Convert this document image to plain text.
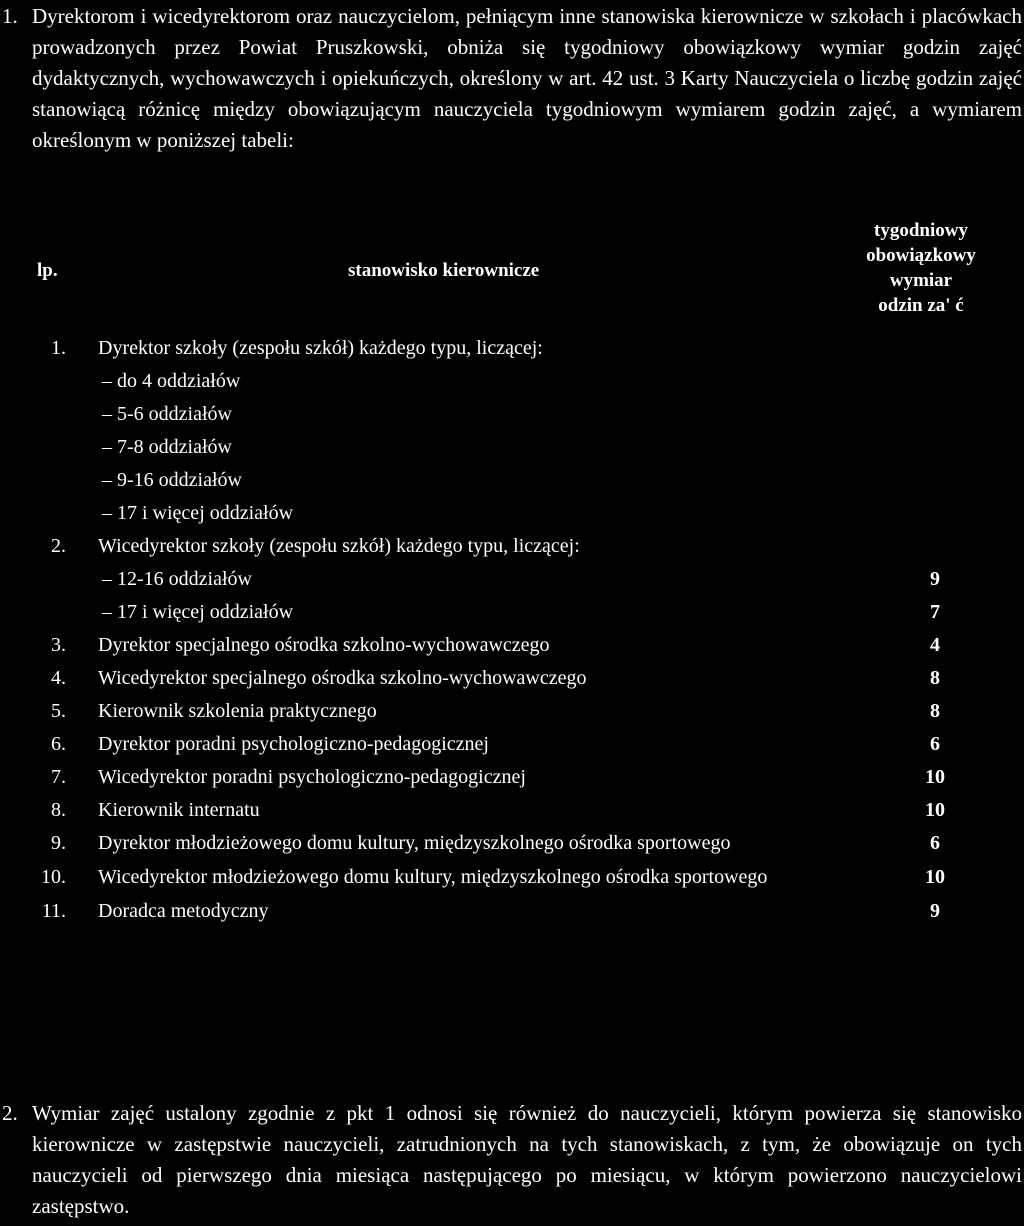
1. Dyrektorom i wicedyrektorom oraz nauczycielom, pełniącym inne stanowiska kierownicze w szkołach i placówkach prowadzonych przez Powiat Pruszkowski, obniża się tygodniowy obowiązkowy wymiar godzin zajęć dydaktycznych, wychowawczych i opiekuńczych, określony w art. 42 ust. 3 Karty Nauczyciela o liczbę godzin zajęć stanowiącą różnicę między obowiązującym nauczyciela tygodniowym wymiarem godzin zajęć, a wymiarem określonym w poniższej tabeli:
lp.	stanowisko kierownicze
tygodniowy
obowiązkowy
wymiar
odzin za' ć
1. Dyrektor szkoły (zespołu szkół) każdego typu, liczącej:
– do 4 oddziałów
– 5-6 oddziałów
– 7-8 oddziałów
– 9-16 oddziałów
– 17 i więcej oddziałów
2. Wicedyrektor szkoły (zespołu szkół) każdego typu, liczącej:
– 12-16 oddziałów	9
– 17 i więcej oddziałów	7
3. Dyrektor specjalnego ośrodka szkolno-wychowawczego	4
4. Wicedyrektor specjalnego ośrodka szkolno-wychowawczego	8
5. Kierownik szkolenia praktycznego	8
6. Dyrektor poradni psychologiczno-pedagogicznej	6
7. Wicedyrektor poradni psychologiczno-pedagogicznej	10
8. Kierownik internatu	10
9. Dyrektor młodzieżowego domu kultury, międzyszkolnego ośrodka sportowego	6
10. Wicedyrektor młodzieżowego domu kultury, międzyszkolnego ośrodka sportowego	10
11. Doradca metodyczny	9
2. Wymiar zajęć ustalony zgodnie z pkt 1 odnosi się również do nauczycieli, którym powierza się stanowisko kierownicze w zastępstwie nauczycieli, zatrudnionych na tych stanowiskach, z tym, że obowiązuje on tych nauczycieli od pierwszego dnia miesiąca następującego po miesiącu, w którym powierzono nauczycielowi zastępstwo.
